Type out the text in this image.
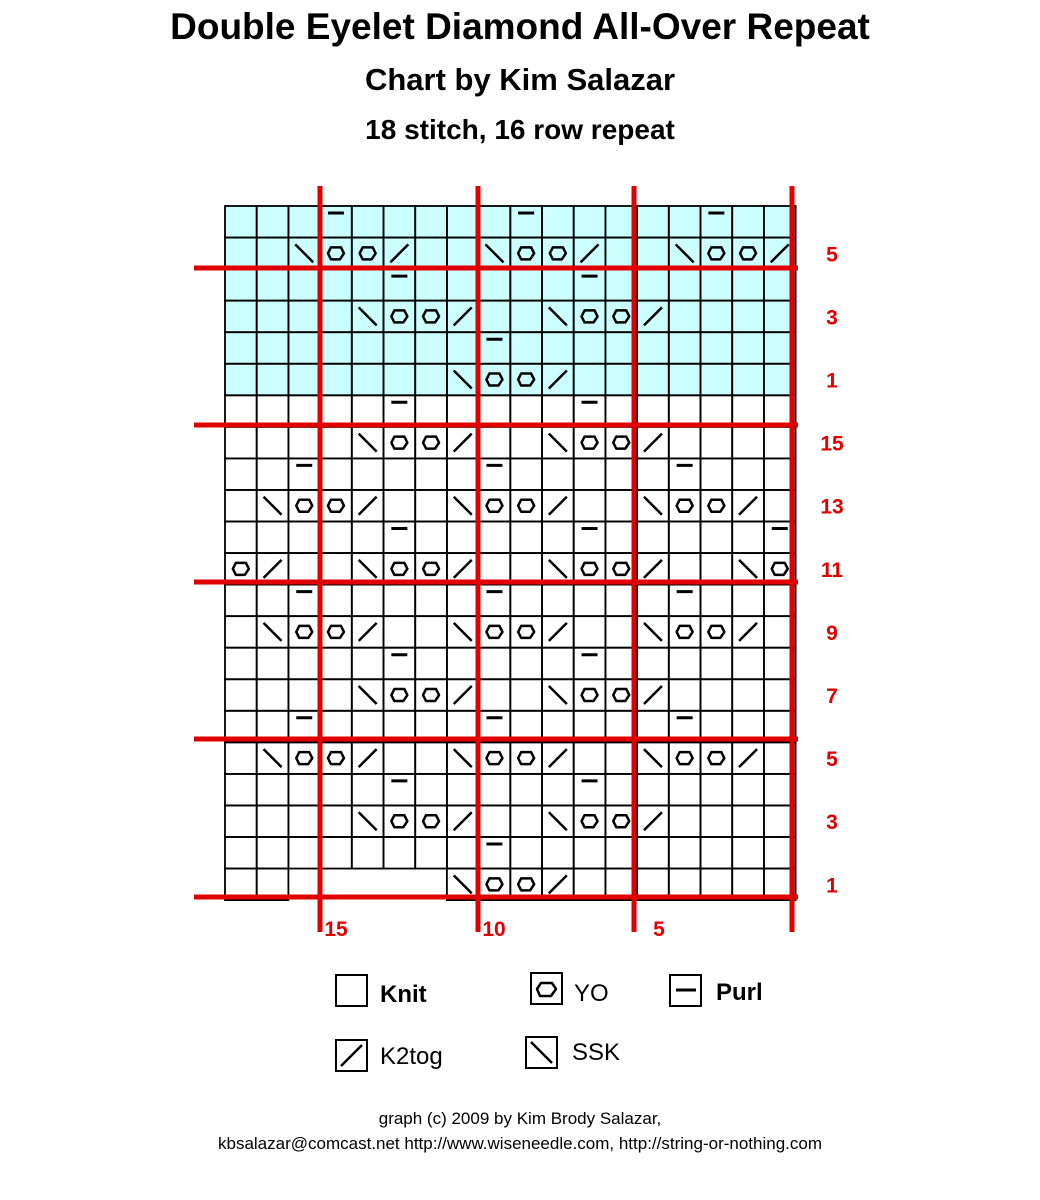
Double Eyelet Diamond All-Over Repeat
Chart by Kim Salazar
18 stitch, 16 row repeat
5
3
1
15
13
11
9
7
5
3
1
15	10	5
Knit	YO	Purl
K2tog	SSK
graph (c) 2009 by Kim Brody Salazar,
kbsalazar@comcast.net http://www.wiseneedle.com, http://string-or-nothing.com
